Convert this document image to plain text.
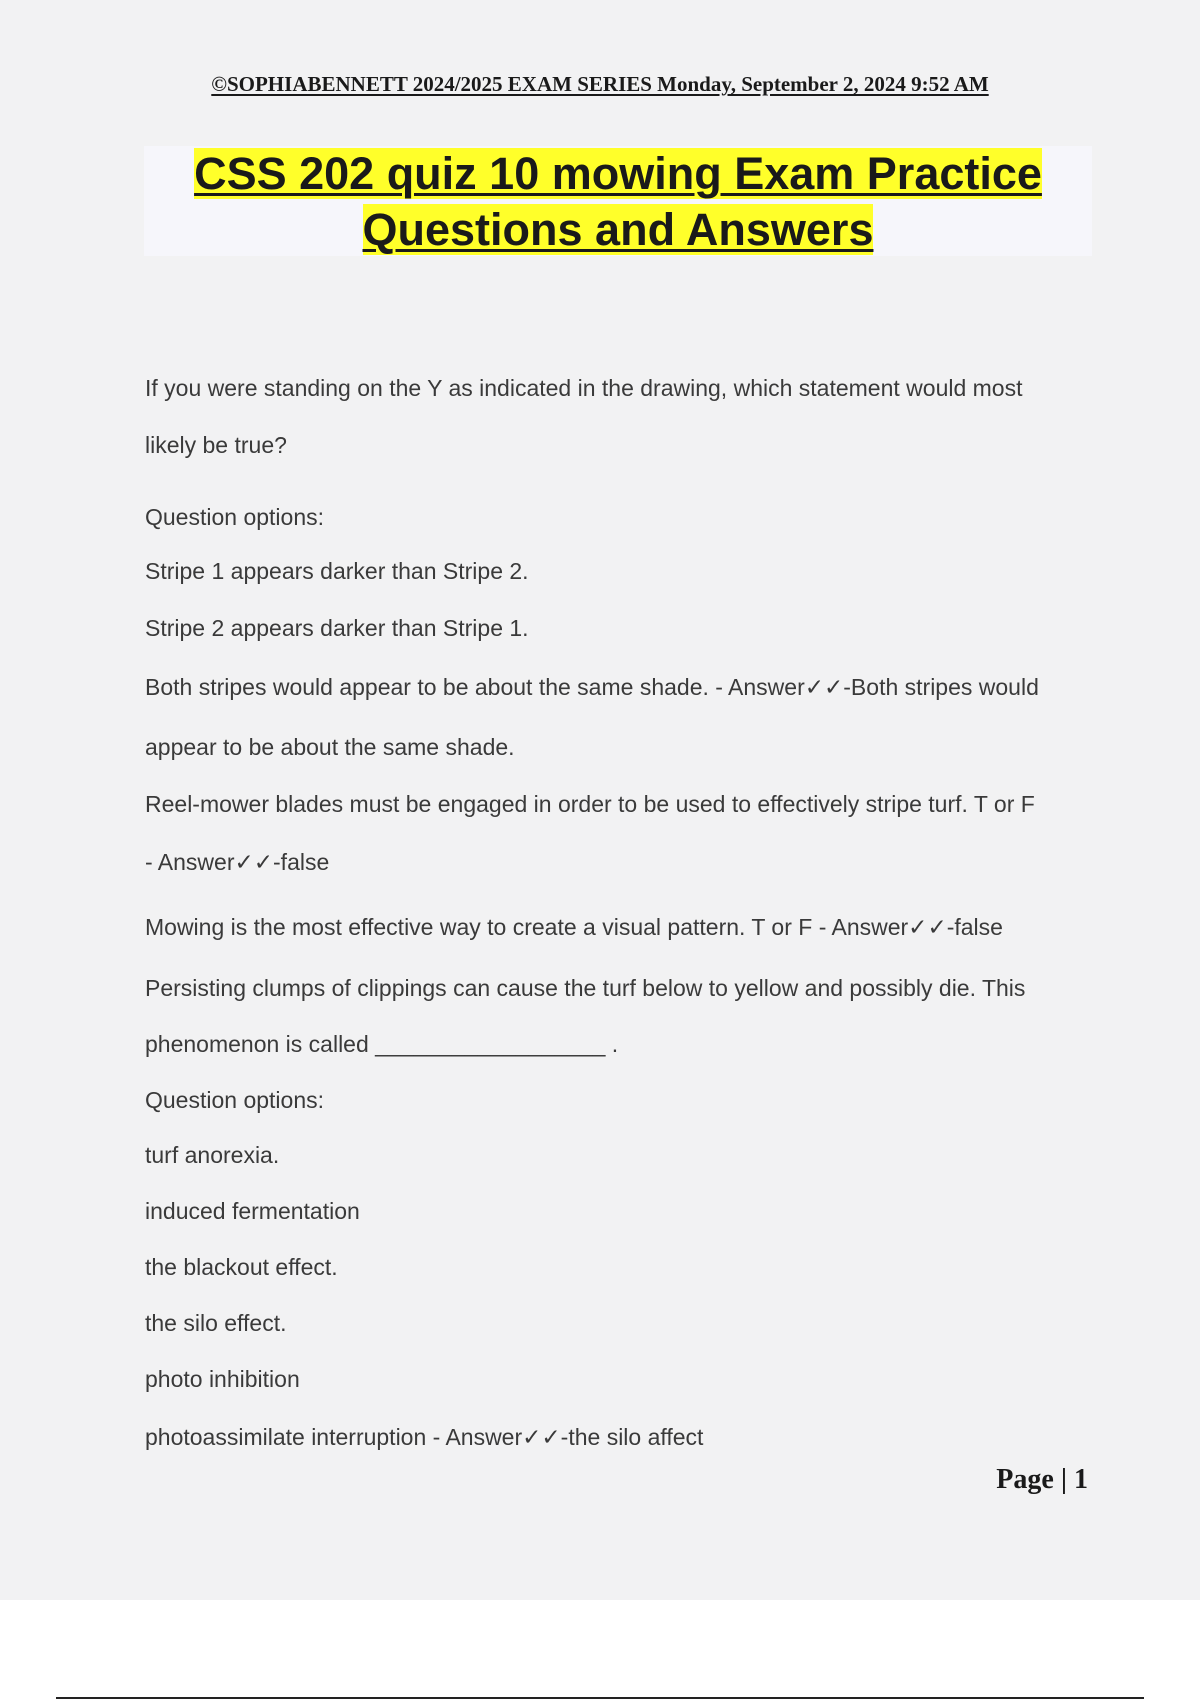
©SOPHIABENNETT 2024/2025 EXAM SERIES Monday, September 2, 2024 9:52 AM
CSS 202 quiz 10 mowing Exam Practice
Questions and Answers
If you were standing on the Y as indicated in the drawing, which statement would most
likely be true?
Question options:
Stripe 1 appears darker than Stripe 2.
Stripe 2 appears darker than Stripe 1.
Both stripes would appear to be about the same shade. - Answer✓✓-Both stripes would
appear to be about the same shade.
Reel-mower blades must be engaged in order to be used to effectively stripe turf. T or F
- Answer✓✓-false
Mowing is the most effective way to create a visual pattern. T or F - Answer✓✓-false
Persisting clumps of clippings can cause the turf below to yellow and possibly die. This
phenomenon is called __________________ .
Question options:
turf anorexia.
induced fermentation
the blackout effect.
the silo effect.
photo inhibition
photoassimilate interruption - Answer✓✓-the silo affect
Page | 1
